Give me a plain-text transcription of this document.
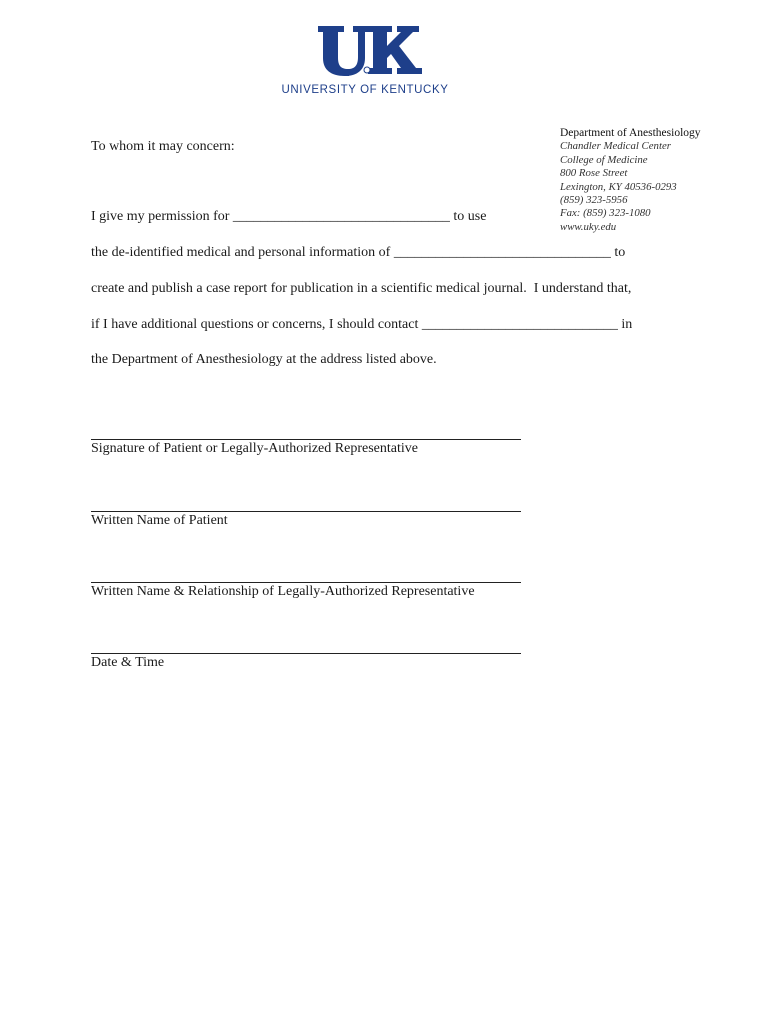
UNIVERSITY OF KENTUCKY
Department of Anesthesiology
Chandler Medical Center
College of Medicine
800 Rose Street
Lexington, KY 40536-0293
(859) 323-5956
Fax: (859) 323-1080
www.uky.edu
To whom it may concern:
I give my permission for _______________________________ to use
the de-identified medical and personal information of _______________________________ to
create and publish a case report for publication in a scientific medical journal.  I understand that,
if I have additional questions or concerns, I should contact ____________________________ in
the Department of Anesthesiology at the address listed above.
Signature of Patient or Legally-Authorized Representative
Written Name of Patient
Written Name & Relationship of Legally-Authorized Representative
Date & Time
